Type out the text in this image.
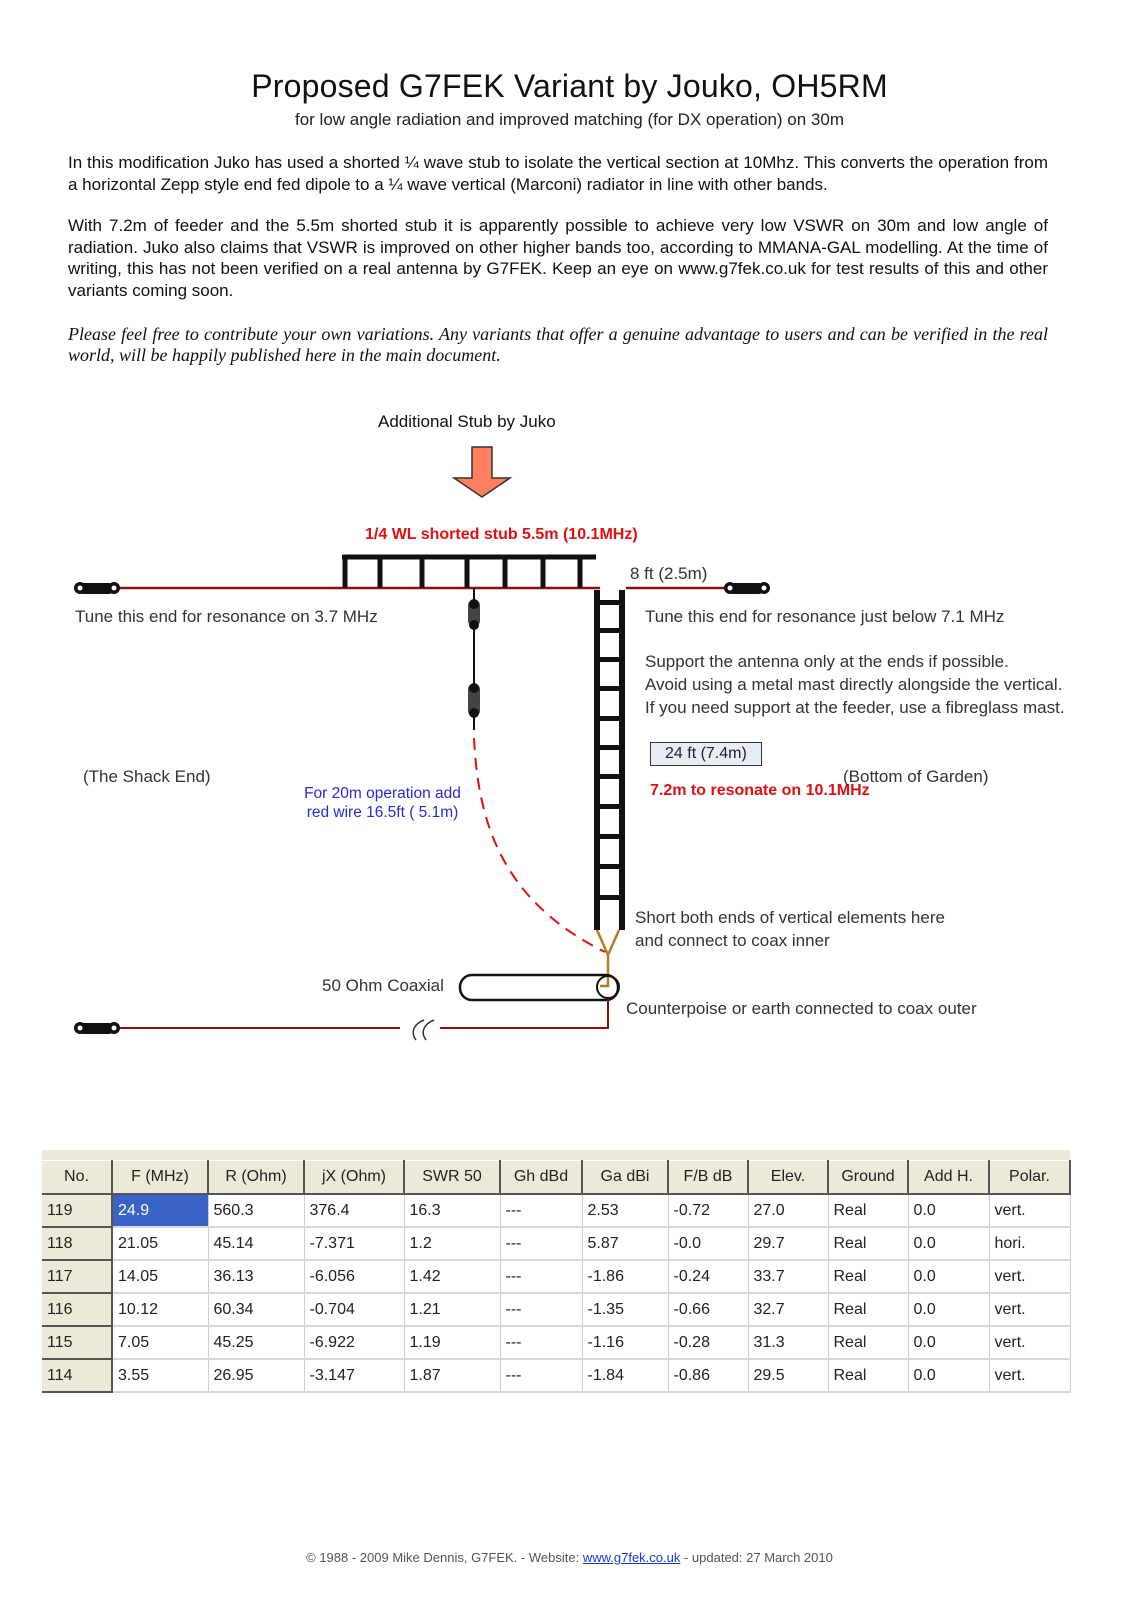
Proposed G7FEK Variant by Jouko, OH5RM
for low angle radiation and improved matching (for DX operation) on 30m
In this modification Juko has used a shorted ¼ wave stub to isolate the vertical section at 10Mhz. This converts the operation from a horizontal Zepp style end fed dipole to a ¼ wave vertical (Marconi) radiator in line with other bands.
With 7.2m of feeder and the 5.5m shorted stub it is apparently possible to achieve very low VSWR on 30m and low angle of radiation. Juko also claims that VSWR is improved on other higher bands too, according to MMANA-GAL modelling. At the time of writing, this has not been verified on a real antenna by G7FEK. Keep an eye on www.g7fek.co.uk for test results of this and other variants coming soon.
Please feel free to contribute your own variations. Any variants that offer a genuine advantage to users and can be verified in the real world, will be happily published here in the main document.
Additional Stub by Juko
1/4 WL shorted stub 5.5m (10.1MHz)
8 ft (2.5m)
Tune this end for resonance on 3.7 MHz	Tune this end for resonance just below 7.1 MHz
Support the antenna only at the ends if possible.
Avoid using a metal mast directly alongside the vertical.
If you need support at the feeder, use a fibreglass mast.
24 ft (7.4m)
7.2m to resonate on 10.1MHz
(The Shack End)	(Bottom of Garden)
For 20m operation add
red wire 16.5ft ( 5.1m)
Short both ends of vertical elements here
and connect to coax inner
50 Ohm Coaxial
Counterpoise or earth connected to coax outer
No.	F (MHz)	R (Ohm)	jX (Ohm)	SWR 50	Gh dBd	Ga dBi	F/B dB	Elev.	Ground	Add H.	Polar.
119	24.9	560.3	376.4	16.3	---	2.53	-0.72	27.0	Real	0.0	vert.
118	21.05	45.14	-7.371	1.2	---	5.87	-0.0	29.7	Real	0.0	hori.
117	14.05	36.13	-6.056	1.42	---	-1.86	-0.24	33.7	Real	0.0	vert.
116	10.12	60.34	-0.704	1.21	---	-1.35	-0.66	32.7	Real	0.0	vert.
115	7.05	45.25	-6.922	1.19	---	-1.16	-0.28	31.3	Real	0.0	vert.
114	3.55	26.95	-3.147	1.87	---	-1.84	-0.86	29.5	Real	0.0	vert.
© 1988 - 2009 Mike Dennis, G7FEK. - Website: www.g7fek.co.uk - updated: 27 March 2010
